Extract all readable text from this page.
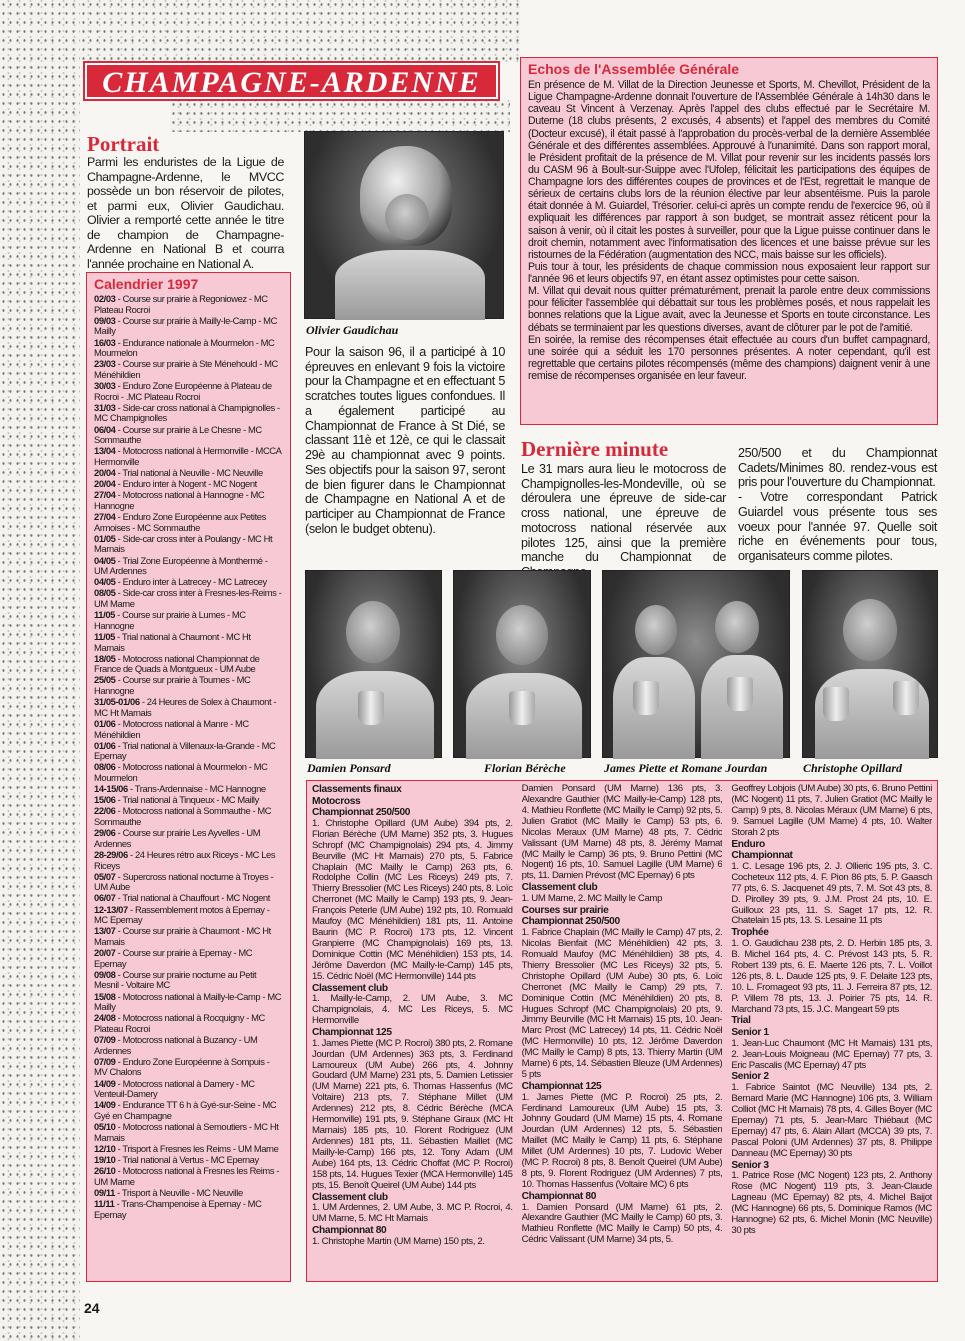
CHAMPAGNE-ARDENNE
Portrait
Parmi les enduristes de la Ligue de Champagne-Ardenne, le MVCC possède un bon réservoir de pilotes, et parmi eux, Olivier Gaudichau. Olivier a remporté cette année le titre de champion de Champagne-Ardenne en National B et courra l'année prochaine en National A.
Calendrier 1997
02/03 - Course sur prairie à Regoniowez - MC Plateau Rocroi
09/03 - Course sur prairie à Mailly-le-Camp - MC Mailly
16/03 - Endurance nationale à Mourmelon - MC Mourmelon
23/03 - Course sur prairie à Ste Ménehould - MC Ménéhildien
30/03 - Enduro Zone Européenne à Plateau de Rocroi - .MC Plateau Rocroi
31/03 - Side-car cross national à Champignolles - MC Champignolles
06/04 - Course sur prairie à Le Chesne - MC Sommauthe
13/04 - Motocross national à Hermonville - MCCA Hermonville
20/04 - Trial national à Neuville - MC Neuville
20/04 - Enduro inter à Nogent - MC Nogent
27/04 - Motocross national à Hannogne - MC Hannogne
27/04 - Enduro Zone Européenne aux Petites Armoises - MC Sommauthe
01/05 - Side-car cross inter à Poulangy - MC Ht Marnais
04/05 - Trial Zone Européenne à Monthermé - UM Ardennes
04/05 - Enduro inter à Latrecey - MC Latrecey
08/05 - Side-car cross inter à Fresnes-les-Reims - UM Marne
11/05 - Course sur prairie à Lumes - MC Hannogne
11/05 - Trial national à Chaumont - MC Ht Marnais
18/05 - Motocross national Championnat de France de Quads à Montgueux - UM Aube
25/05 - Course sur prairie à Tournes - MC Hannogne
31/05-01/06 - 24 Heures de Solex à Chaumont - MC Ht Marnais
01/06 - Motocross national à Manre - MC Ménéhildien
01/06 - Trial national à Villenaux-la-Grande - MC Epernay
08/06 - Motocross national à Mourmelon - MC Mourmelon
14-15/06 - Trans-Ardennaise - MC Hannogne
15/06 - Trial national à Tinqueux - MC Mailly
22/06 - Motocross national à Sommauthe - MC Sommauthe
29/06 - Course sur prairie Les Ayvelles - UM Ardennes
28-29/06 - 24 Heures rétro aux Riceys - MC Les Riceys
05/07 - Supercross national nocturne à Troyes - UM Aube
06/07 - Trial national à Chauffourt - MC Nogent
12-13/07 - Rassemblement motos à Epernay - MC Epernay
13/07 - Course sur prairie à Chaumont - MC Ht Marnais
20/07 - Course sur prairie à Epernay - MC Epernay
09/08 - Course sur prairie nocturne au Petit Mesnil - Voltaire MC
15/08 - Motocross national à Mailly-le-Camp - MC Mailly
24/08 - Motocross national à Rocquigny - MC Plateau Rocroi
07/09 - Motocross national à Buzancy - UM Ardennes
07/09 - Enduro Zone Européenne à Sompuis - MV Chalons
14/09 - Motocross national à Damery - MC Venteuil-Damery
14/09 - Endurance TT 6 h à Gyé-sur-Seine - MC Gyé en Champagne
05/10 - Motocross national à Semoutiers - MC Ht Marnais
12/10 - Trisport à Fresnes les Reims - UM Marne
19/10 - Trial national à Vertus - MC Epernay
26/10 - Motocross national à Fresnes les Reims - UM Marne
09/11 - Trisport à Neuville - MC Neuville
11/11 - Trans-Champenoise à Epernay - MC Epernay
Olivier Gaudichau
Pour la saison 96, il a participé à 10 épreuves en enlevant 9 fois la victoire pour la Champagne et en effectuant 5 scratches toutes ligues confondues. Il a également participé au Championnat de France à St Dié, se classant 11è et 12è, ce qui le classait 29è au championnat avec 9 points. Ses objectifs pour la saison 97, seront de bien figurer dans le Championnat de Champagne en National A et de participer au Championnat de France (selon le budget obtenu).
Echos de l'Assemblée Générale

En présence de M. Villat de la Direction Jeunesse et Sports, M. Chevillot, Président de la Ligue Champagne-Ardenne donnait l'ouverture de l'Assemblée Générale à 14h30 dans le caveau St Vincent à Verzenay. Après l'appel des clubs effectué par le Secrétaire M. Duterne (18 clubs présents, 2 excusés, 4 absents) et l'appel des membres du Comité (Docteur excusé), il était passé à l'approbation du procès-verbal de la dernière Assemblée Générale et des différentes assemblées. Approuvé à l'unanimité. Dans son rapport moral, le Président profitait de la présence de M. Villat pour revenir sur les incidents passés lors du CASM 96 à Boult-sur-Suippe avec l'Ufolep, félicitait les participations des équipes de Champagne lors des différentes coupes de provinces et de l'Est, regrettait le manque de sérieux de certains clubs lors de la réunion élective par leur absentéisme. Puis la parole était donnée à M. Guiardel, Trésorier. celui-ci après un compte rendu de l'exercice 96, où il expliquait les différences par rapport à son budget, se montrait assez réticent pour la saison à venir, où il citait les postes à surveiller, pour que la Ligue puisse continuer dans le droit chemin, notamment avec l'informatisation des licences et une baisse prévue sur les ristournes de la Fédération (augmentation des NCC, mais baisse sur les officiels).

Puis tour à tour, les présidents de chaque commission nous exposaient leur rapport sur l'année 96 et leurs objectifs 97, en étant assez optimistes pour cette saison.

M. Villat qui devait nous quitter prématurément, prenait la parole entre deux commissions pour féliciter l'assemblée qui débattait sur tous les problèmes posés, et nous rappelait les bonnes relations que la Ligue avait, avec la Jeunesse et Sports en toute circonstance. Les débats se terminaient par les questions diverses, avant de clôturer par le pot de l'amitié.

En soirée, la remise des récompenses était effectuée au cours d'un buffet campagnard, une soirée qui a séduit les 170 personnes présentes. A noter cependant, qu'il est regrettable que certains pilotes récompensés (même des champions) daignent venir à une remise de récompenses organisée en leur faveur.

Dernière minute
Le 31 mars aura lieu le motocross de Champignolles-les-Mondeville, où se déroulera une épreuve de side-car cross national, une épreuve de motocross national réservée aux pilotes 125, ainsi que la première manche du Championnat de

250/500 et du Championnat Cadets/Minimes 80. rendez-vous est pris pour l'ouverture du Championnat.

- Votre correspondant Patrick Guiardel vous présente tous ses voeux pour l'année 97. Quelle soit riche en événements pour tous, organisateurs comme pilotes.

Damien Ponsard	Florian Bérèche	James Piette et Romane Jourdan	Christophe Opillard
Classements finaux
Motocross
Championnat 250/500
1. Christophe Opillard (UM Aube) 394 pts, 2. Florian Bérèche (UM Marne) 352 pts, 3. Hugues Schropf (MC Champignolais) 294 pts, 4. Jimmy Beurville (MC Ht Marnais) 270 pts, 5. Fabrice Chaplain (MC Mailly le Camp) 263 pts, 6. Rodolphe Collin (MC Les Riceys) 249 pts, 7. Thierry Bressolier (MC Les Riceys) 240 pts, 8. Loïc Cherronet (MC Mailly le Camp) 193 pts, 9. Jean-François Peterle (UM Aube) 192 pts, 10. Romuald Maufoy (MC Ménéhildien) 181 pts, 11. Antoine Baurin (MC P. Rocroi) 173 pts, 12. Vincent Granpierre (MC Champignolais) 169 pts, 13. Dominique Cottin (MC Ménéhildien) 153 pts, 14. Jérôme Daverdon (MC Mailly-le-Camp) 145 pts, 15. Cédric Noël (MC Hermonville) 144 pts
Classement club
1. Mailly-le-Camp, 2. UM Aube, 3. MC Champignolais, 4. MC Les Riceys, 5. MC Hermonville
Championnat 125
1. James Piette (MC P. Rocroi) 380 pts, 2. Romane Jourdan (UM Ardennes) 363 pts, 3. Ferdinand Lamoureux (UM Aube) 266 pts, 4. Johnny Goudard (UM Marne) 231 pts, 5. Damien Letissier (UM Marne) 221 pts, 6. Thomas Hassenfus (MC Voltaire) 213 pts, 7. Stéphane Millet (UM Ardennes) 212 pts, 8. Cédric Bérèche (MCA Hermonville) 191 pts, 9. Stéphane Giraux (MC Ht Marnais) 185 pts, 10. Florent Rodriguez (UM Ardennes) 181 pts, 11. Sébastien Maillet (MC Mailly-le-Camp) 166 pts, 12. Tony Adam (UM Aube) 164 pts, 13. Cédric Choffat (MC P. Rocroi) 158 pts, 14. Hugues Texier (MCA Hermonville) 145 pts, 15. Benoît Queirel (UM Aube) 144 pts
Classement club
1. UM Ardennes, 2. UM Aube, 3. MC P. Rocroi, 4. UM Marne, 5. MC Ht Marnais
Championnat 80
1. Christophe Martin (UM Marne) 150 pts, 2.
Damien Ponsard (UM Marne) 136 pts, 3. Alexandre Gauthier (MC Mailly-le-Camp) 128 pts, 4. Mathieu Ronflette (MC Mailly le Camp) 92 pts, 5. Julien Gratiot (MC Mailly le Camp) 53 pts, 6. Nicolas Meraux (UM Marne) 48 pts, 7. Cédric Valissant (UM Marne) 48 pts, 8. Jérémy Marnat (MC Mailly le Camp) 36 pts, 9. Bruno Pettini (MC Nogent) 16 pts, 10. Samuel Lagille (UM Marne) 6 pts, 11. Damien Prévost (MC Epernay) 6 pts
Classement club
1. UM Marne, 2. MC Mailly le Camp
Courses sur prairie
Championnat 250/500
1. Fabrice Chaplain (MC Mailly le Camp) 47 pts, 2. Nicolas Bienfait (MC Ménéhildien) 42 pts, 3. Romuald Maufoy (MC Ménéhildien) 38 pts, 4. Thierry Bressolier (MC Les Riceys) 32 pts, 5. Christophe Opillard (UM Aube) 30 pts, 6. Loïc Cherronet (MC Mailly le Camp) 29 pts, 7. Dominique Cottin (MC Ménéhildien) 20 pts, 8. Hugues Schropf (MC Champignolais) 20 pts, 9. Jimmy Beurville (MC Ht Marnais) 15 pts, 10. Jean-Marc Prost (MC Latrecey) 14 pts, 11. Cédric Noël (MC Hermonville) 10 pts, 12. Jérôme Daverdon (MC Mailly le Camp) 8 pts, 13. Thierry Martin (UM Marne) 6 pts, 14. Sébastien Bleuze (UM Ardennes) 5 pts
Championnat 125
1. James Piette (MC P. Rocroi) 25 pts, 2. Ferdinand Lamoureux (UM Aube) 15 pts, 3. Johnny Goudard (UM Marne) 15 pts, 4. Romane Jourdan (UM Ardennes) 12 pts, 5. Sébastien Maillet (MC Mailly le Camp) 11 pts, 6. Stéphane Millet (UM Ardennes) 10 pts, 7. Ludovic Weber (MC P. Rocroi) 8 pts, 8. Benoît Queirel (UM Aube) 8 pts, 9. Florent Rodriguez (UM Ardennes) 7 pts, 10. Thomas Hassenfus (Voltaire MC) 6 pts
Championnat 80
1. Damien Ponsard (UM Marne) 61 pts, 2. Alexandre Gauthier (MC Mailly le Camp) 60 pts, 3. Mathieu Ronflette (MC Mailly le Camp) 50 pts, 4. Cédric Valissant (UM Marne) 34 pts, 5.
Geoffrey Lobjois (UM Aube) 30 pts, 6. Bruno Pettini (MC Nogent) 11 pts, 7. Julien Gratiot (MC Mailly le Camp) 9 pts, 8. Nicolas Méraux (UM Marne) 6 pts, 9. Samuel Lagille (UM Marne) 4 pts, 10. Walter Storah 2 pts
Enduro
Championnat
1. C. Lesage 196 pts, 2. J. Ollieric 195 pts, 3. C. Cocheteux 112 pts, 4. F. Pion 86 pts, 5. P. Gaasch 77 pts, 6. S. Jacquenet 49 pts, 7. M. Sot 43 pts, 8. D. Pirolley 39 pts, 9. J.M. Prost 24 pts, 10. E. Guilloux 23 pts, 11. S. Saget 17 pts, 12. R. Chatelain 15 pts, 13. S. Lesaine 11 pts
Trophée
1. O. Gaudichau 238 pts, 2. D. Herbin 185 pts, 3. B. Michel 164 pts, 4. C. Prévost 143 pts, 5. R. Robert 139 pts, 6. E. Maerte 126 pts, 7. L. Voillot 126 pts, 8. L. Daude 125 pts, 9. F. Delaite 123 pts, 10. L. Fromageot 93 pts, 11. J. Ferreira 87 pts, 12. P. Villem 78 pts, 13. J. Poirier 75 pts, 14. R. Marchand 73 pts, 15. J.C. Mangeart 59 pts
Trial
Senior 1
1. Jean-Luc Chaumont (MC Ht Marnais) 131 pts, 2. Jean-Louis Moigneau (MC Epernay) 77 pts, 3. Eric Pascalis (MC Epernay) 47 pts
Senior 2
1. Fabrice Saintot (MC Neuville) 134 pts, 2. Bernard Marie (MC Hannogne) 106 pts, 3. William Colliot (MC Ht Marnais) 78 pts, 4. Gilles Boyer (MC Epernay) 71 pts, 5. Jean-Marc Thiébaut (MC Epernay) 47 pts, 6. Alain Allart (MCCA) 39 pts, 7. Pascal Poloni (UM Ardennes) 37 pts, 8. Philippe Danneau (MC Epernay) 30 pts
Senior 3
1. Patrice Rose (MC Nogent) 123 pts, 2. Anthony Rose (MC Nogent) 119 pts, 3. Jean-Claude Lagneau (MC Epernay) 82 pts, 4. Michel Baijot (MC Hannogne) 66 pts, 5. Dominique Ramos (MC Hannogne) 62 pts, 6. Michel Monin (MC Neuville) 30 pts
24
